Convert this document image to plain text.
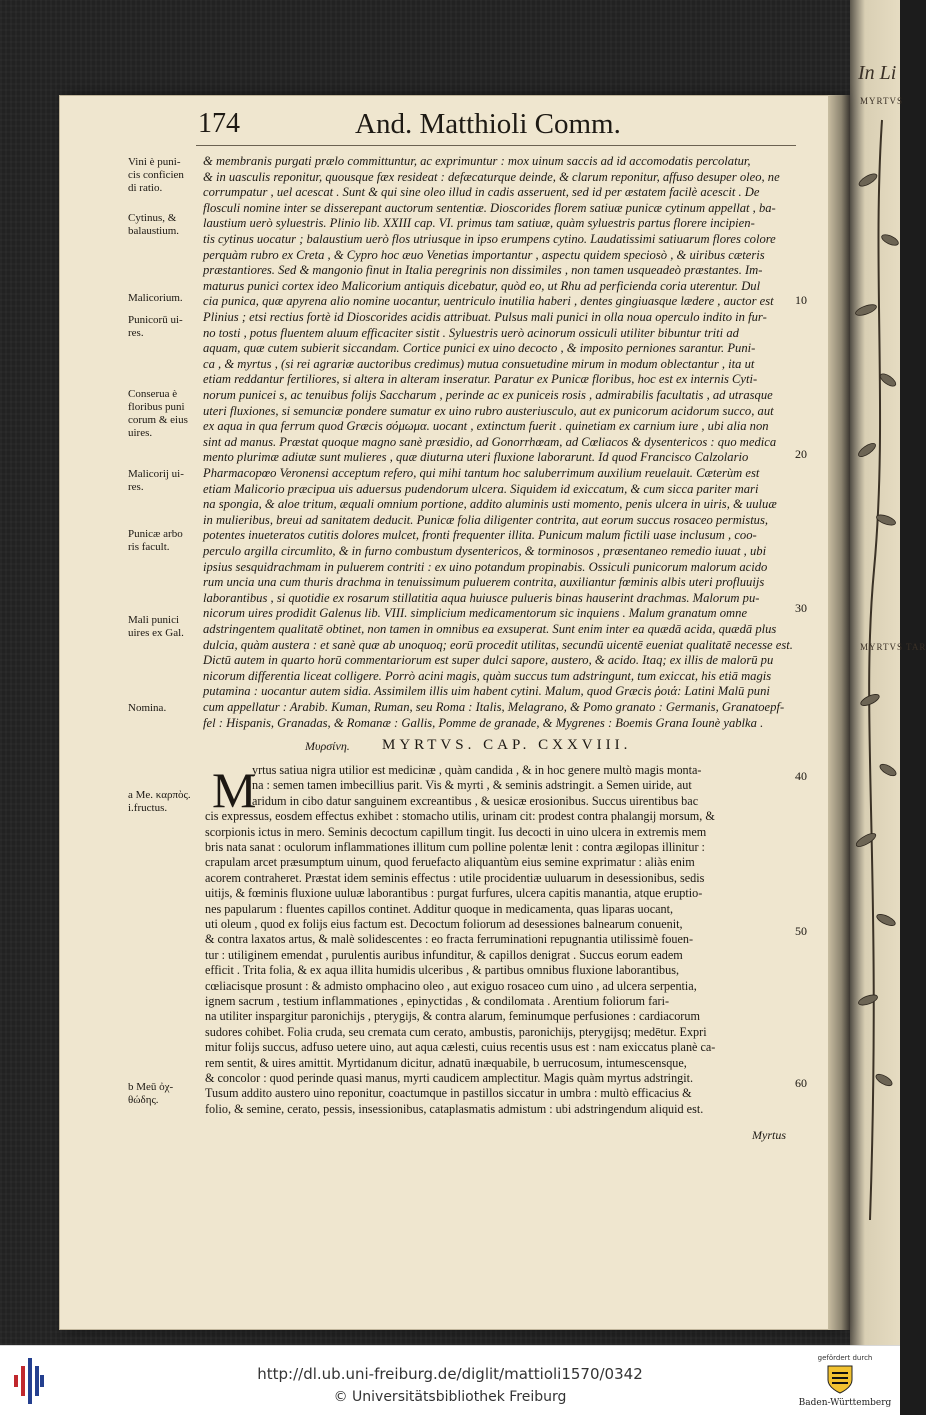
In Li
MYRTVS
MYRTVS TAR
174	And. Matthioli Comm.
Vini è puni-
cis conficien
di ratio.
Cytinus, &
balaustium.
Malicorium.
Punicorū ui-
res.
Conserua è
floribus puni
corum & eius
uires.
Malicorij ui-
res.
Punicæ arbo
ris facult.
Mali punici
uires ex Gal.
Nomina.
a Me. καρπὸς.
i.fructus.
b Meū ὀχ-
θώδης.
10
20
30
40
50
60
& membranis purgati prælo committuntur, ac exprimuntur : mox uinum saccis ad id accomodatis percolatur,
& in uasculis reponitur, quousque fæx resideat : defæcaturque deinde, & clarum reponitur, affuso desuper oleo, ne
corrumpatur , uel acescat . Sunt & qui sine oleo illud in cadis asseruent, sed id per æstatem facilè acescit . De
flosculi nomine inter se disserepant auctorum sententiæ. Dioscorides florem satiuæ punicæ cytinum appellat , ba-
laustium uerò syluestris. Plinio lib. XXIII cap. VI. primus tam satiuæ, quàm syluestris partus florere incipien-
tis cytinus uocatur ; balaustium uerò flos utriusque in ipso erumpens cytino. Laudatissimi satiuarum flores colore
perquàm rubro ex Creta , & Cypro hoc æuo Venetias importantur , aspectu quidem speciosò , & uiribus cæteris
præstantiores. Sed & mangonio finut in Italia peregrinis non dissimiles , non tamen usqueadeò præstantes. Im-
maturus punici cortex ideo Malicorium antiquis dicebatur, quòd eo, ut Rhu ad perficienda coria uterentur. Dul
cia punica, quæ apyrena alio nomine uocantur, uentriculo inutilia haberi , dentes gingiuasque lædere , auctor est
Plinius ; etsi rectius fortè id Dioscorides acidis attribuat. Pulsus mali punici in olla noua operculo indito in fur-
no tosti , potus fluentem aluum efficaciter sistit . Syluestris uerò acinorum ossiculi utiliter bibuntur triti ad
aquam, quæ cutem subierit siccandam. Cortice punici ex uino decocto , & imposito perniones sarantur. Puni-
ca , & myrtus , (si rei agrariæ auctoribus credimus) mutua consuetudine mirum in modum oblectantur , ita ut
etiam reddantur fertiliores, si altera in alteram inseratur. Paratur ex Punicæ floribus, hoc est ex internis Cyti-
norum punicei s, ac tenuibus folijs Saccharum , perinde ac ex puniceis rosis , admirabilis facultatis , ad utrasque
uteri fluxiones, si semunciæ pondere sumatur ex uino rubro austeriusculo, aut ex punicorum acidorum succo, aut
ex aqua in qua ferrum quod Græcis σόμωμα. uocant , extinctum fuerit . quinetiam ex carnium iure , ubi alia non
sint ad manus. Præstat quoque magno sanè præsidio, ad Gonorrhœam, ad Cœliacos & dysentericos : quo medica
mento plurimæ adiutæ sunt mulieres , quæ diuturna uteri fluxione laborarunt. Id quod Francisco Calzolario
Pharmacopœo Veronensi acceptum refero, qui mihi tantum hoc saluberrimum auxilium reuelauit. Cæterùm est
etiam Malicorio præcipua uis aduersus pudendorum ulcera. Siquidem id exiccatum, & cum sicca pariter mari
na spongia, & aloe tritum, æquali omnium portione, addito aluminis usti momento, penis ulcera in uiris, & uuluæ
in mulieribus, breui ad sanitatem deducit. Punicæ folia diligenter contrita, aut eorum succus rosaceo permistus,
potentes inueteratos cutitis dolores mulcet, fronti frequenter illita. Punicum malum fictili uase inclusum , coo-
perculo argilla circumlito, & in furno combustum dysentericos, & torminosos , præsentaneo remedio iuuat , ubi
ipsius sesquidrachmam in puluerem contriti : ex uino potandum propinabis. Ossiculi punicorum malorum acido
rum uncia una cum thuris drachma in tenuissimum puluerem contrita, auxiliantur fœminis albis uteri profluuijs
laborantibus , si quotidie ex rosarum stillatitia aqua huiusce pulueris binas hauserint drachmas. Malorum pu-
nicorum uires prodidit Galenus lib. VIII. simplicium medicamentorum sic inquiens . Malum granatum omne
adstringentem qualitatē obtinet, non tamen in omnibus ea exsuperat. Sunt enim inter ea quædā acida, quædā plus
dulcia, quàm austera : et sanè quæ ab unoquoq; eorū procedit utilitas, secundū uicentē eueniat qualitatē necesse est.
Dictū autem in quarto horū commentariorum est super dulci sapore, austero, & acido. Itaq; ex illis de malorū pu
nicorum differentia liceat colligere. Porrò acini magis, quàm succus tum adstringunt, tum exiccat, his etiā magis
putamina : uocantur autem sidia. Assimilem illis uim habent cytini. Malum, quod Græcis ῥοιά: Latini Malū puni
cum appellatur : Arabib. Kuman, Ruman, seu Roma : Italis, Melagrano, & Pomo granato : Germanis, Granatoepf-
fel : Hispanis, Granadas, & Romanæ : Gallis, Pomme de granade, & Mygrenes : Boemis Grana Iounè yablka .
Μυρσίνη. MYRTVS. CAP. CXXVIII.
M
yrtus satiua nigra utilior est medicinæ , quàm candida , & in hoc genere multò magis monta-
na : semen tamen imbecillius parit. Vis & myrti , & seminis adstringit. a Semen uiride, aut
aridum in cibo datur sanguinem excreantibus , & uesicæ erosionibus. Succus uirentibus bac
cis expressus, eosdem effectus exhibet : stomacho utilis, urinam cit: prodest contra phalangij morsum, &
scorpionis ictus in mero. Seminis decoctum capillum tingit. Ius decocti in uino ulcera in extremis mem
bris nata sanat : oculorum inflammationes illitum cum polline polentæ lenit : contra ægilopas illinitur :
crapulam arcet præsumptum uinum, quod feruefacto aliquantùm eius semine exprimatur : aliàs enim
acorem contraheret. Præstat idem seminis effectus : utile procidentiæ uuluarum in desessionibus, sedis
uitijs, & fœminis fluxione uuluæ laborantibus : purgat furfures, ulcera capitis manantia, atque eruptio-
nes papularum : fluentes capillos continet. Additur quoque in medicamenta, quas liparas uocant,
uti oleum , quod ex folijs eius factum est. Decoctum foliorum ad desessiones balnearum conuenit,
& contra laxatos artus, & malè solidescentes : eo fracta ferruminationi repugnantia utilissimè fouen-
tur : utiliginem emendat , purulentis auribus infunditur, & capillos denigrat . Succus eorum eadem
efficit . Trita folia, & ex aqua illita humidis ulceribus , & partibus omnibus fluxione laborantibus,
cœliacisque prosunt : & admisto omphacino oleo , aut exiguo rosaceo cum uino , ad ulcera serpentia,
ignem sacrum , testium inflammationes , epinyctidas , & condilomata . Arentium foliorum fari-
na utiliter inspargitur paronichijs , pterygijs, & contra alarum, feminumque perfusiones : cardiacorum
sudores cohibet. Folia cruda, seu cremata cum cerato, ambustis, paronichijs, pterygijsq; medētur. Expri
mitur folijs succus, adfuso uetere uino, aut aqua cælesti, cuius recentis usus est : nam exiccatus planè ca-
rem sentit, & uires amittit. Myrtidanum dicitur, adnatū inæquabile, b uerrucosum, intumescensque,
& concolor : quod perinde quasi manus, myrti caudicem amplectitur. Magis quàm myrtus adstringit.
Tusum addito austero uino reponitur, coactumque in pastillos siccatur in umbra : multò efficacius &
folio, & semine, cerato, pessis, insessionibus, cataplasmatis admistum : ubi adstringendum aliquid est.
Myrtus
http://dl.ub.uni-freiburg.de/diglit/mattioli1570/0342
© Universitätsbibliothek Freiburg
gefördert durch
Baden-Württemberg
